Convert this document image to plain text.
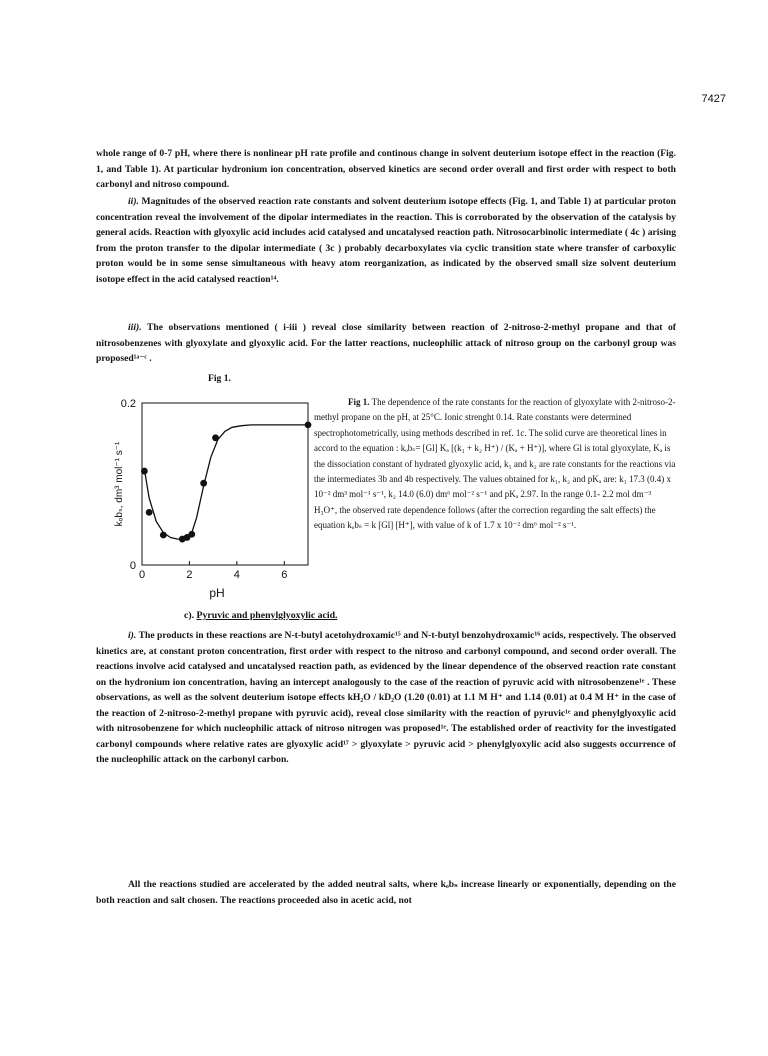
7427

whole range of 0-7 pH, where there is nonlinear pH rate profile and continous change in solvent deuterium isotope effect in the reaction (Fig. 1, and Table 1). At particular hydronium ion concentration, observed kinetics are second order overall and first order with respect to both carbonyl and nitroso compound.

ii). Magnitudes of the observed reaction rate constants and solvent deuterium isotope effects (Fig. 1, and Table 1) at particular proton concentration reveal the involvement of the dipolar intermediates in the reaction. This is corroborated by the observation of the catalysis by general acids. Reaction with glyoxylic acid includes acid catalysed and uncatalysed reaction path. Nitrosocarbinolic intermediate ( 4c ) arising from the proton transfer to the dipolar intermediate ( 3c ) probably decarboxylates via cyclic transition state where transfer of carboxylic proton would be in some sense simultaneous with heavy atom reorganization, as indicated by the observed small size solvent deuterium isotope effect in the acid catalysed reaction¹⁴.

iii). The observations mentioned ( i-iii ) reveal close similarity between reaction of 2-nitroso-2-methyl propane and that of nitrosobenzenes with glyoxylate and glyoxylic acid. For the latter reactions, nucleophilic attack of nitroso group on the carbonyl group was proposed¹ᵃ⁻ᶜ .

Fig 1.
0	2	4	6
0
0.2
pH
kₒbₛ, dm³ mol⁻¹ s⁻¹

Fig 1. The dependence of the rate constants for the reaction of glyoxylate with 2-nitroso-2-methyl propane on the pH, at 25°C. Ionic strenght 0.14. Rate constants were determined spectrophotometrically, using methods described in ref. 1c. The solid curve are theoretical lines in accord to the equation : kₒbₛ= [Gl] Kₐ [(k₁ + k₂ H⁺) / (Kₐ + H⁺)], where Gl is total glyoxylate, Kₐ is the dissociation constant of hydrated glyoxylic acid, k₁ and k₂ are rate constants for the reactions via the intermediates 3b and 4b respectively. The values obtained for k₁, k₂ and pKₐ are: k₁ 17.3 (0.4) x 10⁻² dm³ mol⁻¹ s⁻¹, k₂ 14.0 (6.0) dm⁶ mol⁻² s⁻¹ and pKₐ 2.97. In the range 0.1- 2.2 mol dm⁻³ H₃O⁺, the observed rate dependence follows (after the correction regarding the salt effects) the equation kₒbₛ = k [Gl] [H⁺], with value of k of 1.7 x 10⁻² dm⁶ mol⁻² s⁻¹.

c). Pyruvic and phenylglyoxylic acid.

i). The products in these reactions are N-t-butyl acetohydroxamic¹⁵ and N-t-butyl benzohydroxamic¹⁶ acids, respectively. The observed kinetics are, at constant proton concentration, first order with respect to the nitroso and carbonyl compound, and second order overall. The reactions involve acid catalysed and uncatalysed reaction path, as evidenced by the linear dependence of the observed reaction rate constant on the hydronium ion concentration, having an intercept analogously to the case of the reaction of pyruvic acid with nitrosobenzene¹ᵉ . These observations, as well as the solvent deuterium isotope effects kH₂O / kD₂O (1.20 (0.01) at 1.1 M H⁺ and 1.14 (0.01) at 0.4 M H⁺ in the case of the reaction of 2-nitroso-2-methyl propane with pyruvic acid), reveal close similarity with the reaction of pyruvic¹ᵉ and phenylglyoxylic acid with nitrosobenzene for which nucleophilic attack of nitroso nitrogen was proposed¹ᵉ. The established order of reactivity for the investigated carbonyl compounds where relative rates are glyoxylic acid¹⁷ > glyoxylate > pyruvic acid > phenylglyoxylic acid also suggests occurrence of the nucleophilic attack on the carbonyl carbon.

All the reactions studied are accelerated by the added neutral salts, where kₒbₛ increase linearly or exponentially, depending on the both reaction and salt chosen. The reactions proceeded also in acetic acid, not
